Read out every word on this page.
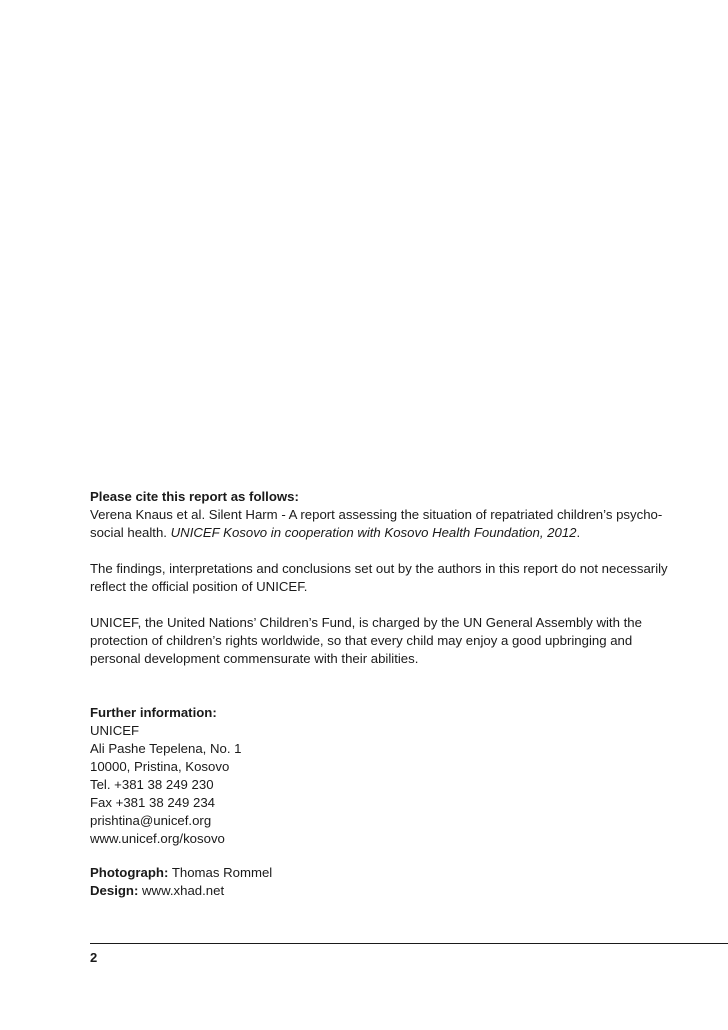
Please cite this report as follows:
Verena Knaus et al. Silent Harm - A report assessing the situation of repatriated children’s psycho-social health. UNICEF Kosovo in cooperation with Kosovo Health Foundation, 2012.

The findings, interpretations and conclusions set out by the authors in this report do not necessarily reflect the official position of UNICEF.

UNICEF, the United Nations’ Children’s Fund, is charged by the UN General Assembly with the protection of children’s rights worldwide, so that every child may enjoy a good upbringing and personal development commensurate with their abilities.

Further information:
UNICEF
Ali Pashe Tepelena, No. 1
10000, Pristina, Kosovo
Tel. +381 38 249 230
Fax +381 38 249 234
prishtina@unicef.org
www.unicef.org/kosovo

Photograph: Thomas Rommel
Design: www.xhad.net

2
